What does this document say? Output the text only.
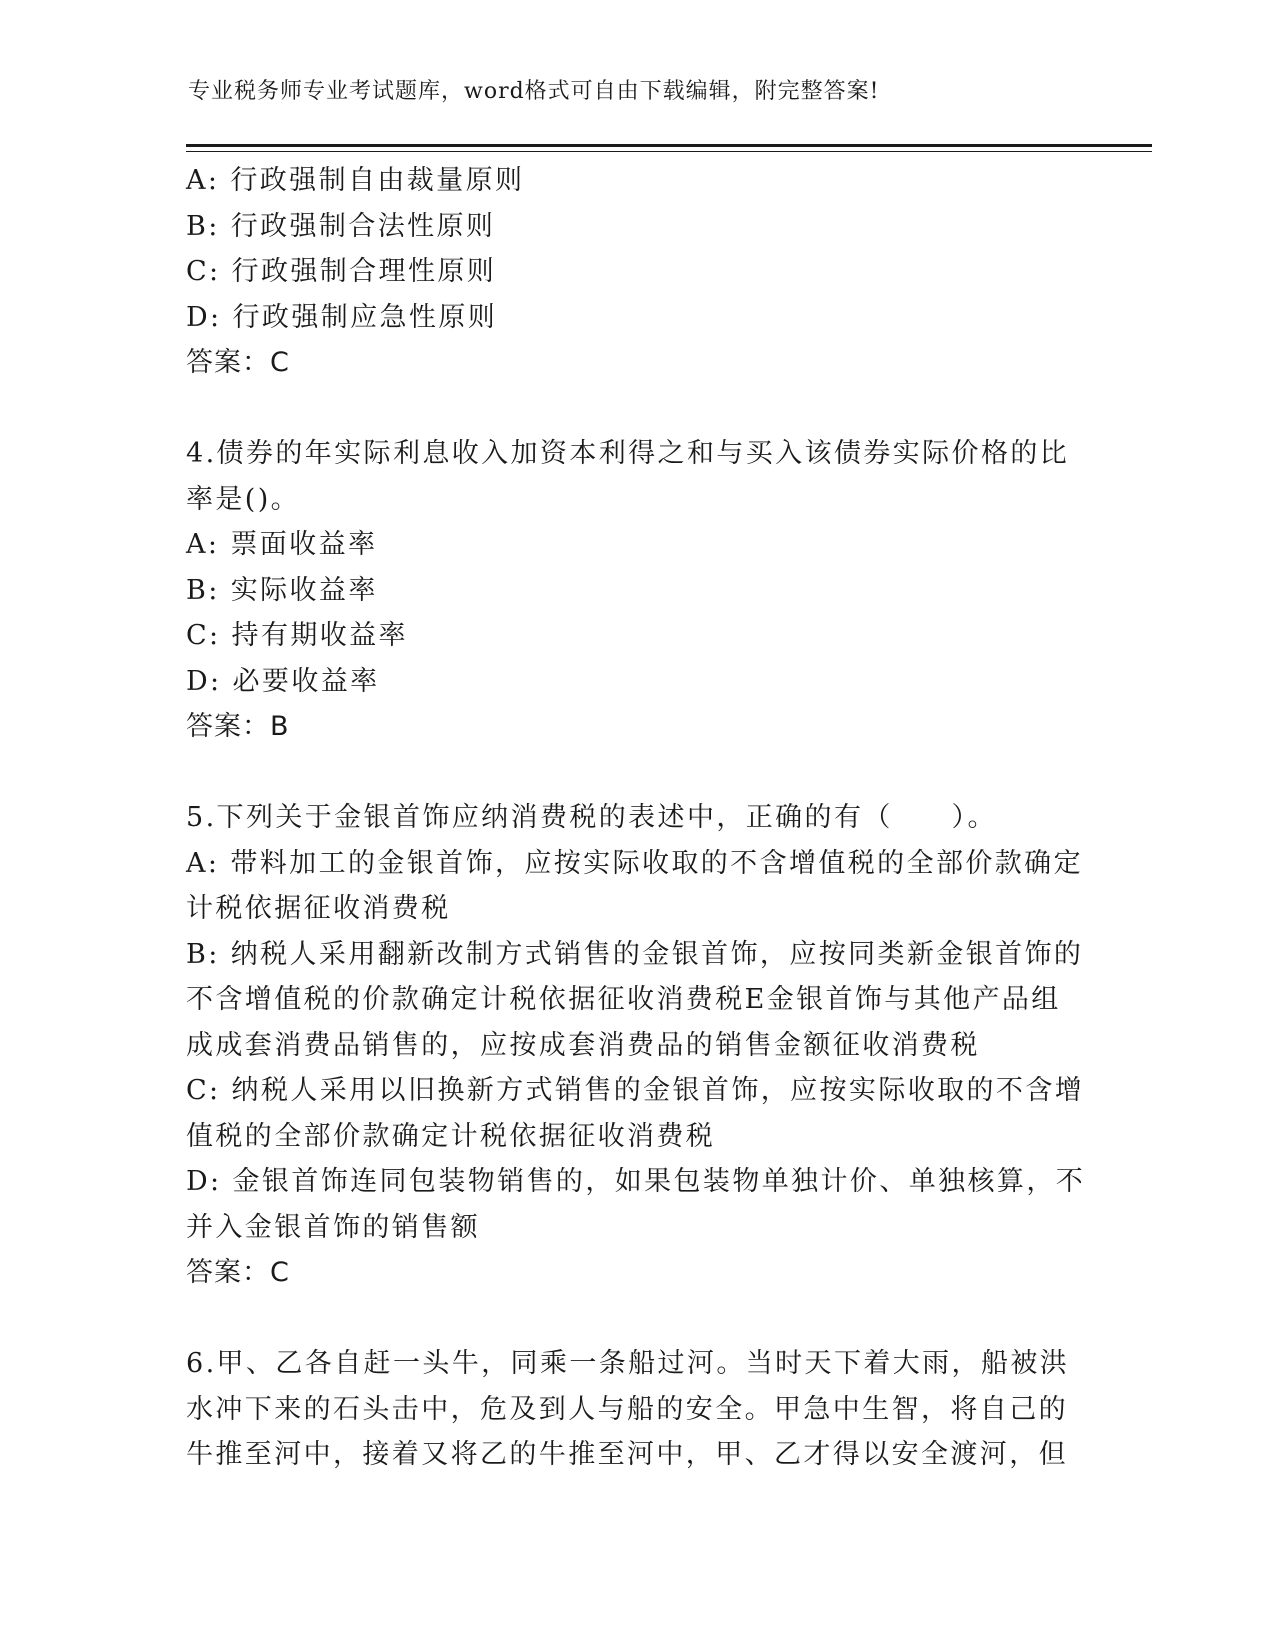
专业税务师专业考试题库，word格式可自由下载编辑，附完整答案!
A: 行政强制自由裁量原则
B: 行政强制合法性原则
C: 行政强制合理性原则
D: 行政强制应急性原则
答案：C
4.债券的年实际利息收入加资本利得之和与买入该债券实际价格的比
率是()。
A: 票面收益率
B: 实际收益率
C: 持有期收益率
D: 必要收益率
答案：B
5.下列关于金银首饰应纳消费税的表述中，正确的有（　　）。
A: 带料加工的金银首饰，应按实际收取的不含增值税的全部价款确定
计税依据征收消费税
B: 纳税人采用翻新改制方式销售的金银首饰，应按同类新金银首饰的
不含增值税的价款确定计税依据征收消费税E金银首饰与其他产品组
成成套消费品销售的，应按成套消费品的销售金额征收消费税
C: 纳税人采用以旧换新方式销售的金银首饰，应按实际收取的不含增
值税的全部价款确定计税依据征收消费税
D: 金银首饰连同包装物销售的，如果包装物单独计价、单独核算，不
并入金银首饰的销售额
答案：C
6.甲、乙各自赶一头牛，同乘一条船过河。当时天下着大雨，船被洪
水冲下来的石头击中，危及到人与船的安全。甲急中生智，将自己的
牛推至河中，接着又将乙的牛推至河中，甲、乙才得以安全渡河，但
